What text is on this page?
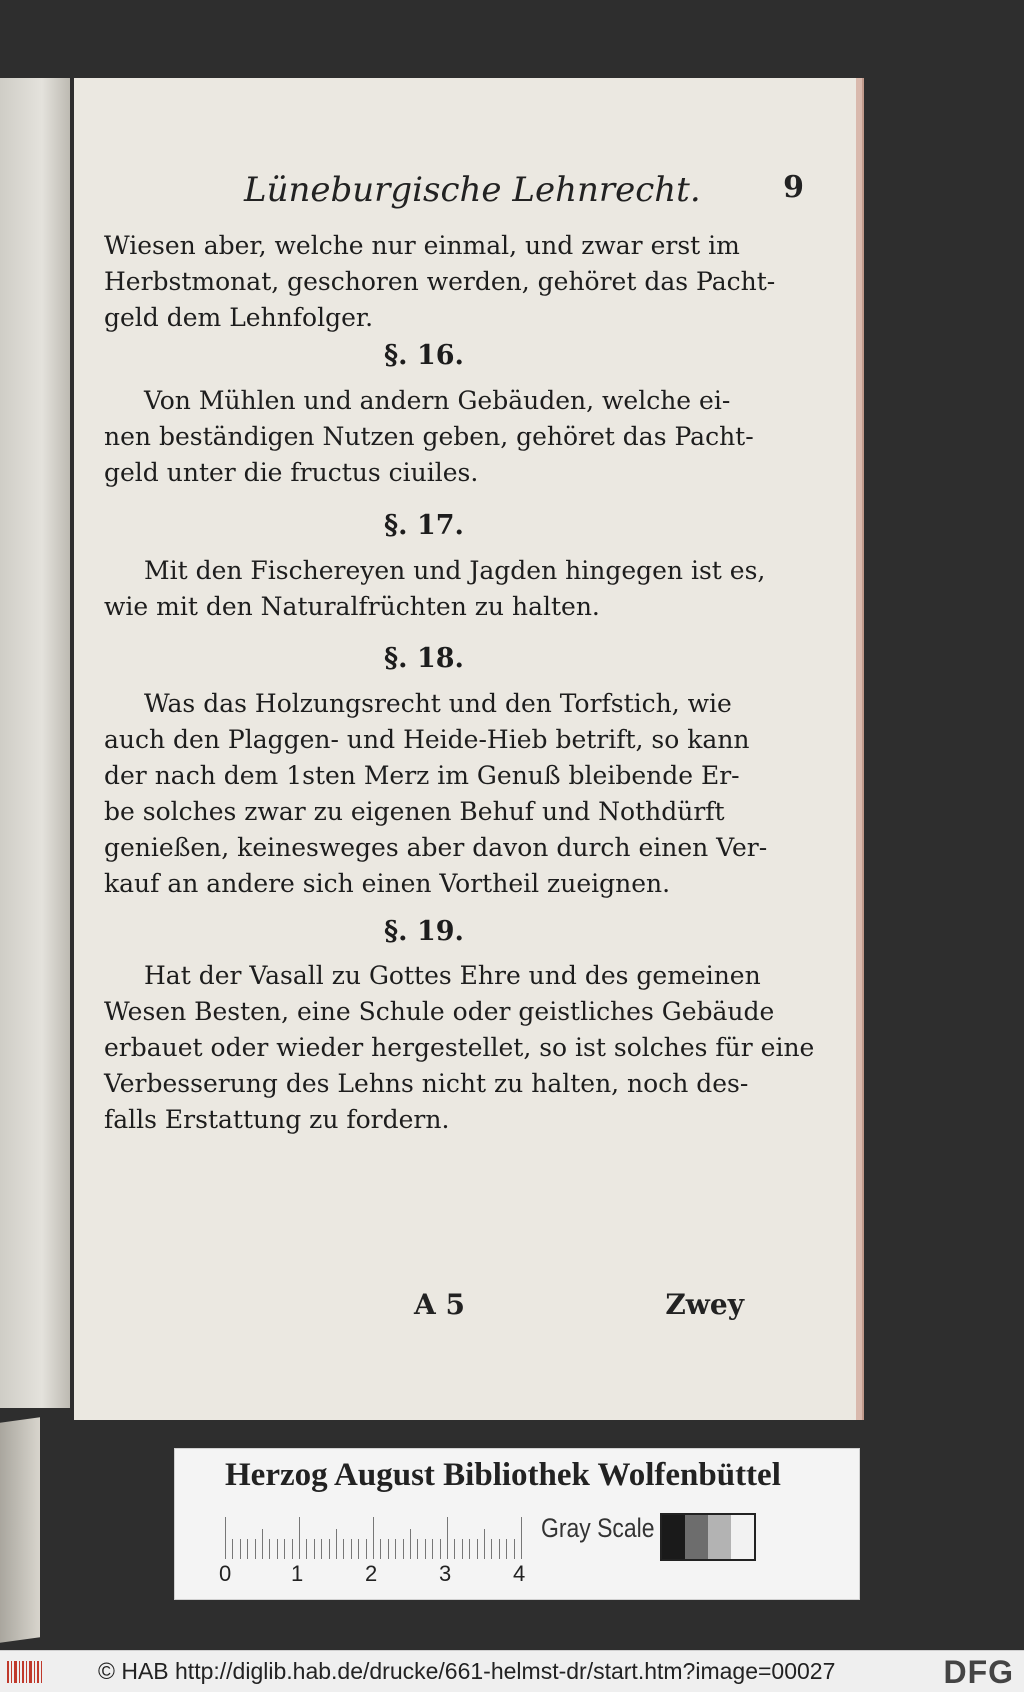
Lüneburgische Lehnrecht.	9
Wiesen aber, welche nur einmal, und zwar erst im
Herbstmonat, geschoren werden, gehöret das Pacht-
geld dem Lehnfolger.
§. 16.
Von Mühlen und andern Gebäuden, welche ei-
nen beständigen Nutzen geben, gehöret das Pacht-
geld unter die fructus ciuiles.
§. 17.
Mit den Fischereyen und Jagden hingegen ist es,
wie mit den Naturalfrüchten zu halten.
§. 18.
Was das Holzungsrecht und den Torfstich, wie
auch den Plaggen- und Heide-Hieb betrift, so kann
der nach dem 1sten Merz im Genuß bleibende Er-
be solches zwar zu eigenen Behuf und Nothdürft
genießen, keinesweges aber davon durch einen Ver-
kauf an andere sich einen Vortheil zueignen.
§. 19.
Hat der Vasall zu Gottes Ehre und des gemeinen
Wesen Besten, eine Schule oder geistliches Gebäude
erbauet oder wieder hergestellet, so ist solches für eine
Verbesserung des Lehns nicht zu halten, noch des-
falls Erstattung zu fordern.
A 5	Zwey
Herzog August Bibliothek Wolfenbüttel
0	1	2	3	4
Gray Scale
© HAB http://diglib.hab.de/drucke/661-helmst-dr/start.htm?image=00027	DFG
